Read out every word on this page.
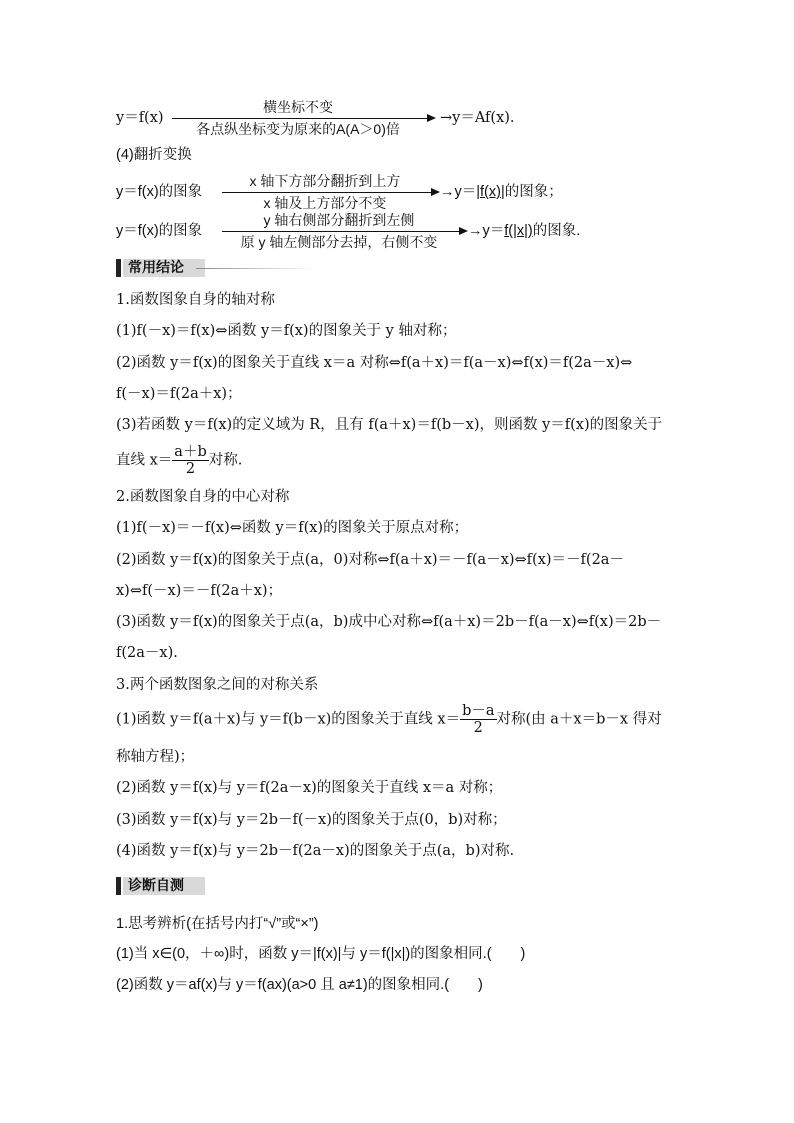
y＝f(x)
横坐标不变
各点纵坐标变为原来的A(A＞0)倍
→y＝Af(x).
(4)翻折变换
y＝f(x)的图象
x 轴下方部分翻折到上方
x 轴及上方部分不变
→y＝|f(x)|的图象；
y＝f(x)的图象
y 轴右侧部分翻折到左侧
原 y 轴左侧部分去掉，右侧不变
→y＝f(|x|)的图象.
常用结论
1.函数图象自身的轴对称
(1)f(－x)＝f(x)⇔函数 y＝f(x)的图象关于 y 轴对称；
(2)函数 y＝f(x)的图象关于直线 x＝a 对称⇔f(a＋x)＝f(a－x)⇔f(x)＝f(2a－x)⇔
f(－x)＝f(2a＋x)；
(3)若函数 y＝f(x)的定义域为 R，且有 f(a＋x)＝f(b－x)，则函数 y＝f(x)的图象关于
直线 $x= \frac{a+b}{2}$ 对称.
2.函数图象自身的中心对称
(1)f(－x)＝－f(x)⇔函数 y＝f(x)的图象关于原点对称；
(2)函数 y＝f(x)的图象关于点(a，0)对称⇔f(a＋x)＝－f(a－x)⇔f(x)＝－f(2a－
x)⇔f(－x)＝－f(2a＋x)；
(3)函数 y＝f(x)的图象关于点(a，b)成中心对称⇔f(a＋x)＝2b－f(a－x)⇔f(x)＝2b－
f(2a－x).
3.两个函数图象之间的对称关系
(1)函数 y＝f(a＋x)与 y＝f(b－x)的图象关于直线 $x= \frac{b-a}{2}$ 对称(由 a＋x＝b－x 得对
称轴方程)；
(2)函数 y＝f(x)与 y＝f(2a－x)的图象关于直线 x＝a 对称；
(3)函数 y＝f(x)与 y＝2b－f(－x)的图象关于点(0，b)对称；
(4)函数 y＝f(x)与 y＝2b－f(2a－x)的图象关于点(a，b)对称.
诊断自测
1.思考辨析(在括号内打“√”或“×”)
(1)当 x∈(0，＋∞)时，函数 y＝|f(x)|与 y＝f(|x|)的图象相同.(　　)
(2)函数 y＝af(x)与 y＝f(ax)(a>0 且 a≠1)的图象相同.(　　)
